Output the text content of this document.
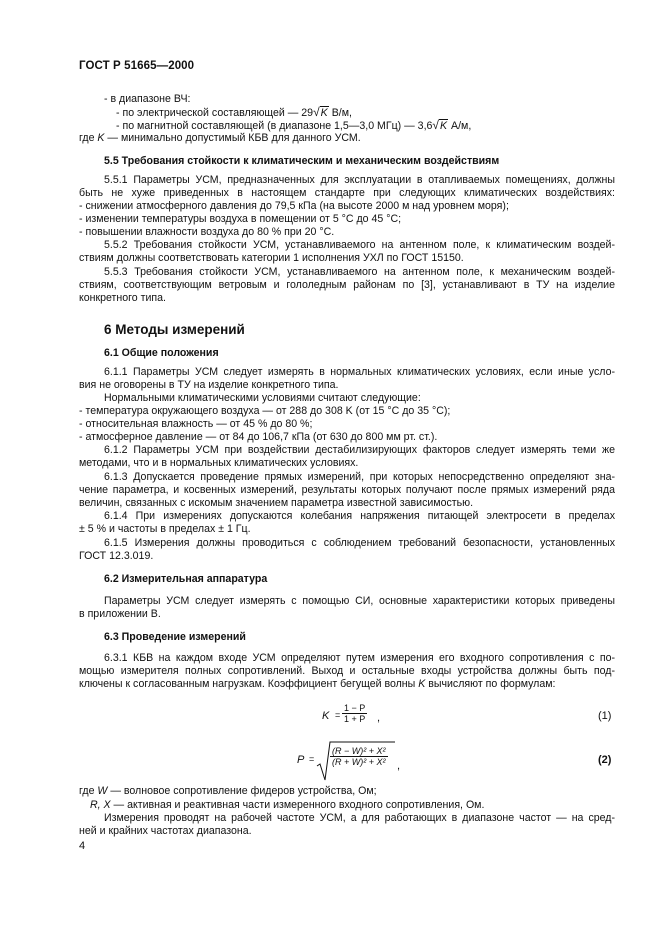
ГОСТ Р 51665—2000
- в диапазоне ВЧ:
- по электрической составляющей — 29√K В/м,
- по магнитной составляющей (в диапазоне 1,5—3,0 МГц) — 3,6√K А/м,
где K — минимально допустимый КБВ для данного УСМ.
5.5 Требования стойкости к климатическим и механическим воздействиям
5.5.1 Параметры УСМ, предназначенных для эксплуатации в отапливаемых помещениях, должны
быть не хуже приведенных в настоящем стандарте при следующих климатических воздействиях:
- снижении атмосферного давления до 79,5 кПа (на высоте 2000 м над уровнем моря);
- изменении температуры воздуха в помещении от 5 °С до 45 °С;
- повышении влажности воздуха до 80 % при 20 °С.
5.5.2 Требования стойкости УСМ, устанавливаемого на антенном поле, к климатическим воздей-
ствиям должны соответствовать категории 1 исполнения УХЛ по ГОСТ 15150.
5.5.3 Требования стойкости УСМ, устанавливаемого на антенном поле, к механическим воздей-
ствиям, соответствующим ветровым и гололедным районам по [3], устанавливают в ТУ на изделие
конкретного типа.
6 Методы измерений
6.1 Общие положения
6.1.1 Параметры УСМ следует измерять в нормальных климатических условиях, если иные усло-
вия не оговорены в ТУ на изделие конкретного типа.
Нормальными климатическими условиями считают следующие:
- температура окружающего воздуха — от 288 до 308 K (от 15 °С до 35 °С);
- относительная влажность — от 45 % до 80 %;
- атмосферное давление — от 84 до 106,7 кПа (от 630 до 800 мм рт. ст.).
6.1.2 Параметры УСМ при воздействии дестабилизирующих факторов следует измерять теми же
методами, что и в нормальных климатических условиях.
6.1.3 Допускается проведение прямых измерений, при которых непосредственно определяют зна-
чение параметра, и косвенных измерений, результаты которых получают после прямых измерений ряда
величин, связанных с искомым значением параметра известной зависимостью.
6.1.4 При измерениях допускаются колебания напряжения питающей электросети в пределах
± 5 % и частоты в пределах ± 1 Гц.
6.1.5 Измерения должны проводиться с соблюдением требований безопасности, установленных
ГОСТ 12.3.019.
6.2 Измерительная аппаратура
Параметры УСМ следует измерять с помощью СИ, основные характеристики которых приведены
в приложении В.
6.3 Проведение измерений
6.3.1 КБВ на каждом входе УСМ определяют путем измерения его входного сопротивления с по-
мощью измерителя полных сопротивлений. Выход и остальные входы устройства должны быть под-
ключены к согласованным нагрузкам. Коэффициент бегущей волны K вычисляют по формулам:
$K = \frac{1 - P}{1 + P}$ ,	(1)
$P = \frac{\text{(R − W)² + X²}}{\text{(R + W)² + X²}}$ ,	(2)
где W — волновое сопротивление фидеров устройства, Ом;
R, X — активная и реактивная части измеренного входного сопротивления, Ом.
Измерения проводят на рабочей частоте УСМ, а для работающих в диапазоне частот — на сред-
ней и крайних частотах диапазона.
4
